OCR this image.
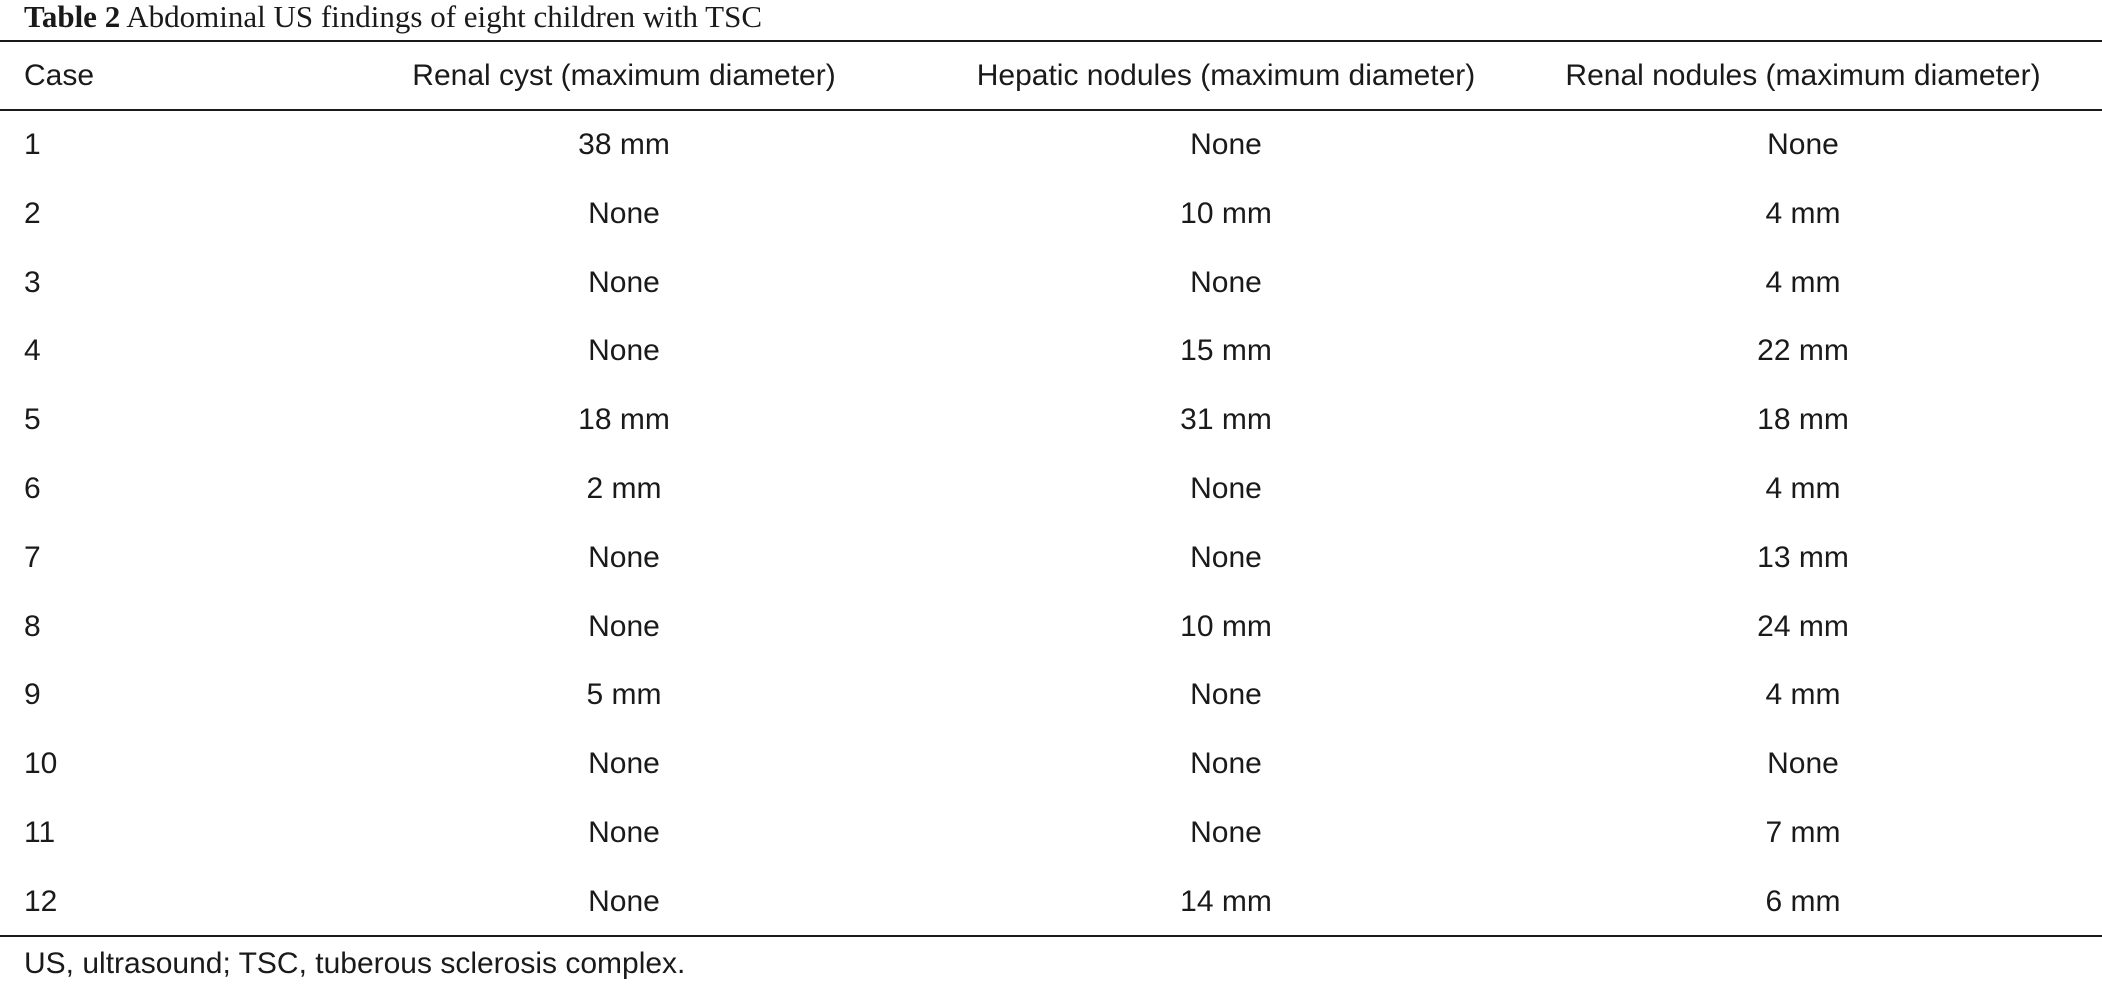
Table 2 Abdominal US findings of eight children with TSC
Case	Renal cyst (maximum diameter)	Hepatic nodules (maximum diameter)	Renal nodules (maximum diameter)

1	38 mm	None	None
2	None	10 mm	4 mm
3	None	None	4 mm
4	None	15 mm	22 mm
5	18 mm	31 mm	18 mm
6	2 mm	None	4 mm
7	None	None	13 mm
8	None	10 mm	24 mm
9	5 mm	None	4 mm
10	None	None	None
11	None	None	7 mm
12	None	14 mm	6 mm
US, ultrasound; TSC, tuberous sclerosis complex.
